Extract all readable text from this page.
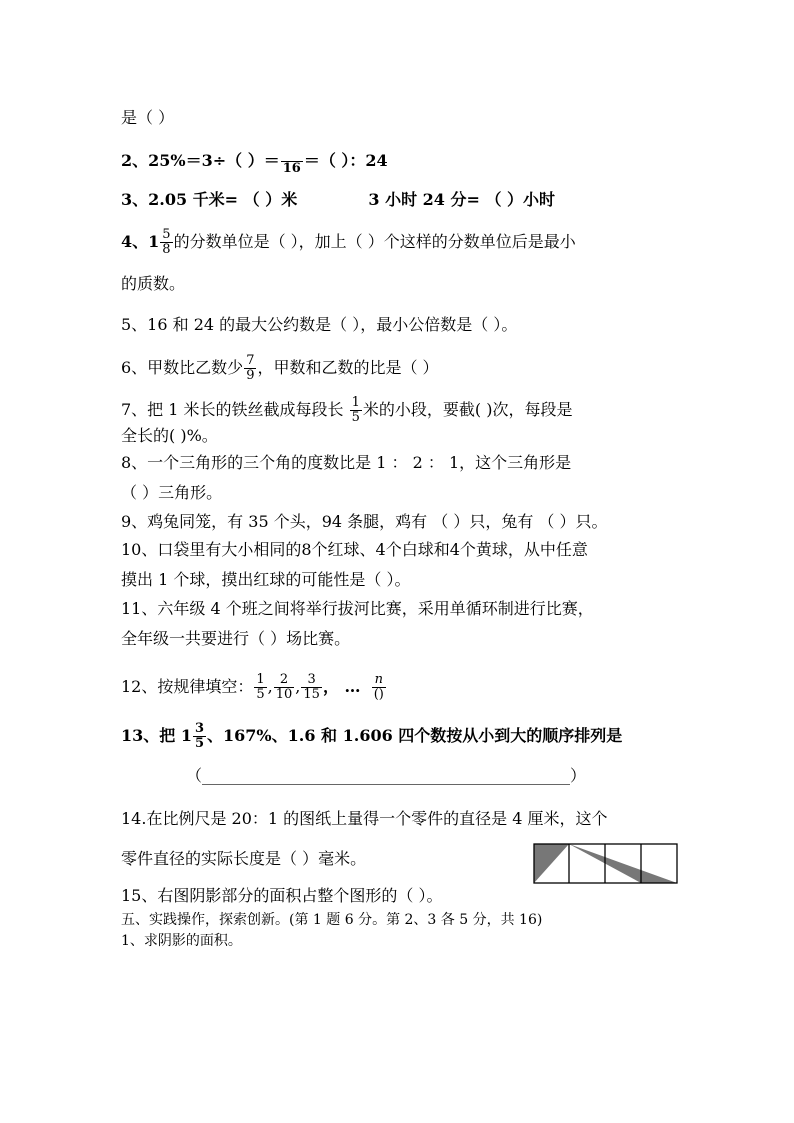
是（ ）
2、25%＝3÷（ ）＝
16 ＝（ ）：24
3、2.05 千米= （ ）米	3 小时 24 分= （ ）小时
4、$1 \frac{5}{8}$ 的分数单位是（ ），加上（ ）个这样的分数单位后是最小
的质数。
5、16 和 24 的最大公约数是（ ），最小公倍数是（ ）。
6、甲数比乙数少 $\frac{7}{9}$ ，甲数和乙数的比是（ ）
7、把 1 米长的铁丝截成每段长 $\frac{1}{5}$ 米的小段，要截( )次，每段是
全长的( )%。
8、一个三角形的三个角的度数比是 1 ： 2 ： 1，这个三角形是
（ ）三角形。
9、鸡兔同笼，有 35 个头，94 条腿，鸡有 （ ）只，兔有 （ ）只。
10、口袋里有大小相同的8个红球、4个白球和4个黄球，从中任意
摸出 1 个球，摸出红球的可能性是（ ）。
11、六年级 4 个班之间将举行拔河比赛，采用单循环制进行比赛，
全年级一共要进行（ ）场比赛。
12、按规律填空： $\frac{1}{5}$ , $\frac{2}{10}$ , $\frac{3}{15}$ ， … $\frac{n}{()}$
13、把 $1 \frac{3}{5}$ 、167%、1.6 和 1.606 四个数按从小到大的顺序排列是
（______________________________________________）
14.在比例尺是 20：1 的图纸上量得一个零件的直径是 4 厘米，这个
零件直径的实际长度是（ ）毫米。
15、右图阴影部分的面积占整个图形的（ ）。
五、实践操作，探索创新。(第 1 题 6 分。第 2、3 各 5 分，共 16)
1、求阴影的面积。
